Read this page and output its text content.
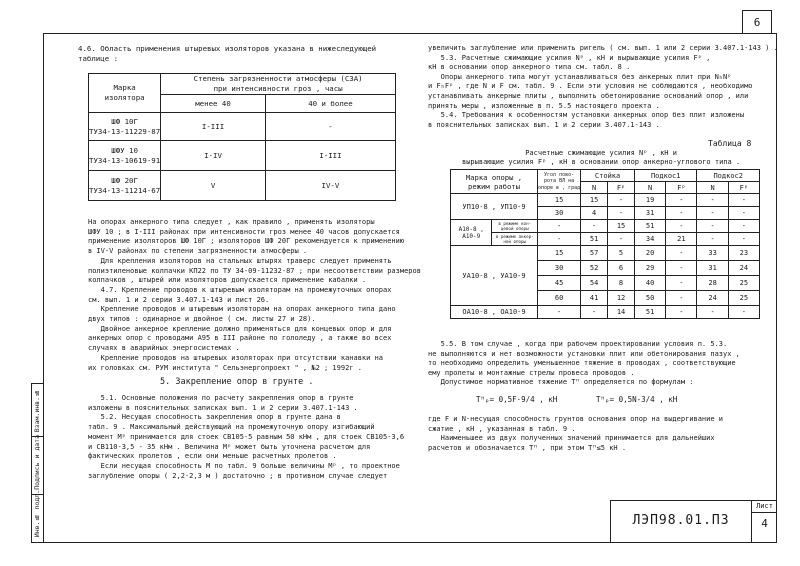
6
Взам.инв.№
Подпись и дата
Инв.№ подл.
4.6. Область применения штыревых изоляторов указана в нижеследующей
таблице :
Марка
изолятора	Степень загрязненности атмосферы (СЗА)
при интенсивности гроз , часы	
	менее 40	40 и более
ШФ 10Г
ТУ34-13-11229-87	I-III	-
ШФУ 10
ТУ34-13-10619-91	I-IV	I-III
ШФ 20Г
ТУ34-13-11214-67	V	IV-V
На опорах анкерного типа следует , как правило , применять изоляторы
ШФУ 10 ; в I-III районах при интенсивности гроз менее 40 часов допускается
применение изоляторов ШФ 10Г ; изоляторов ШФ 20Г рекомендуется к применению
в IV-V районах по степени загрязненности атмосферы .
Для крепления изоляторов на стальных штырях траверс следует применять
полиэтиленовые колпачки КП22 по ТУ 34-09-11232-87 ; при несоответствии размеров
колпачков , штырей или изоляторов допускается применение кабалки .
4.7. Крепление проводов к штыревым изоляторам на промежуточных опорах
см. вып. 1 и 2 серии 3.407.1-143 и лист 26.
Крепление проводов и штыревым изоляторам на опорах анкерного типа дано
двух типов : одинарное и двойное ( см. листы 27 и 28).
Двойное анкерное крепление должно применяться для концевых опор и для
анкерных опор с проводами А95 в III районе по гололеду , а также во всех
случаях в аварийных энергосистемах .
Крепление проводов на штыревых изоляторах при отсутствии канавки на
их головках см. РУМ института " Сельэнергопроект " , №2 ; 1992г .
5. Закрепление опор в грунте .
5.1. Основные положения по расчету закрепления опор в грунте
изложены в пояснительных записках вып. 1 и 2 серии 3.407.1-143 .
5.2. Несущая способность закрепления опор в грунте дана в
табл. 9 . Максимальный действующий на промежуточную опору изгибающий
момент Mᵖ принимается для стоек СВ105-5 равным 50 кНм , для стоек СВ105-3,6
и СВ110-3,5 - 35 кНм . Величина Mᵖ может быть уточнена расчетом для
фактических пролетов , если они меньше расчетных пролетов .
Если несущая способность М по табл. 9 больше величины Mᵖ , то проектное
заглубление опоры ( 2,2-2,3 м ) достаточно ; в противном случае следует
увеличить заглубление или применить ригель ( см. вып. 1 или 2 серии 3.407.1-143 ) .
5.3. Расчетные сжимающие усилия Nᵖ , кН и вырывающие усилия Fᵖ ,
кН в основании опор анкерного типа см. табл. 8 .
Опоры анкерного типа могут устанавливаться без анкерных плит при NₕNᵖ
и FₕFᵖ , где N и F см. табл. 9 . Если эти условия не соблюдаются , необходимо
устанавливать анкерные плиты , выполнить обетонирование оснований опор , или
принять меры , изложенные в п. 5.5 настоящего проекта .
5.4. Требования к особенностям установки анкерных опор без плит изложены
в пояснительных записках вып. 1 и 2 серии 3.407.1-143 .
Таблица 8
Расчетные сжимающие усилия Nᵖ , кН и
вырывающие усилия Fᵖ , кН в основании опор анкерно-углового типа .
Марка опоры ,
режим работы		Угол пово-
рота ВЛ на
опоре в , град	Стойка		Подкос1		Подкос2	
			N	Fᵖ	N	Fᵖ	N	Fᵖ
УП10-8 , УП10-9		15	15	-	19	-	-	-
		30	4	-	31	-	-	-
А10-8 , А10-9	в режиме кон-
цевой опоры	-	-	15	51	-	-	-
	в режиме анкер-
ной опоры	-	51	-	34	21	-	-
УА10-8 , УА10-9		15	57	5	20	-	33	23
		30	52	6	29	-	31	24
		45	54	8	40	-	28	25
		60	41	12	50	-	24	25
ОА10-8 , ОА10-9		-	-	14	51	-	-	-
5.5. В том случае , когда при рабочем проектировании условия п. 5.3.
не выполняются и нет возможности установки плит или обетонирования пазух ,
то необходимо определить уменьшенное тяжение в проводах , соответствующие
ему пролеты и монтажные стрелы провеса проводов .
Допустимое нормативное тяжение Tᴴ определяется по формулам :
Tᴴₚ= 0,5F·9/4 , кН	Tᴴₚ= 0,5N-3/4 , кН
где F и N-несущая способность грунтов основания опор на выдергивание и
сжатие , кН , указанная в табл. 9 .
Наименьшее из двух полученных значений принимается для дальнейших
расчетов и обозначается Tᴴ , при этом Tᴴ≤5 кН .
ЛЭП98.01.ПЗ
Лист
4
